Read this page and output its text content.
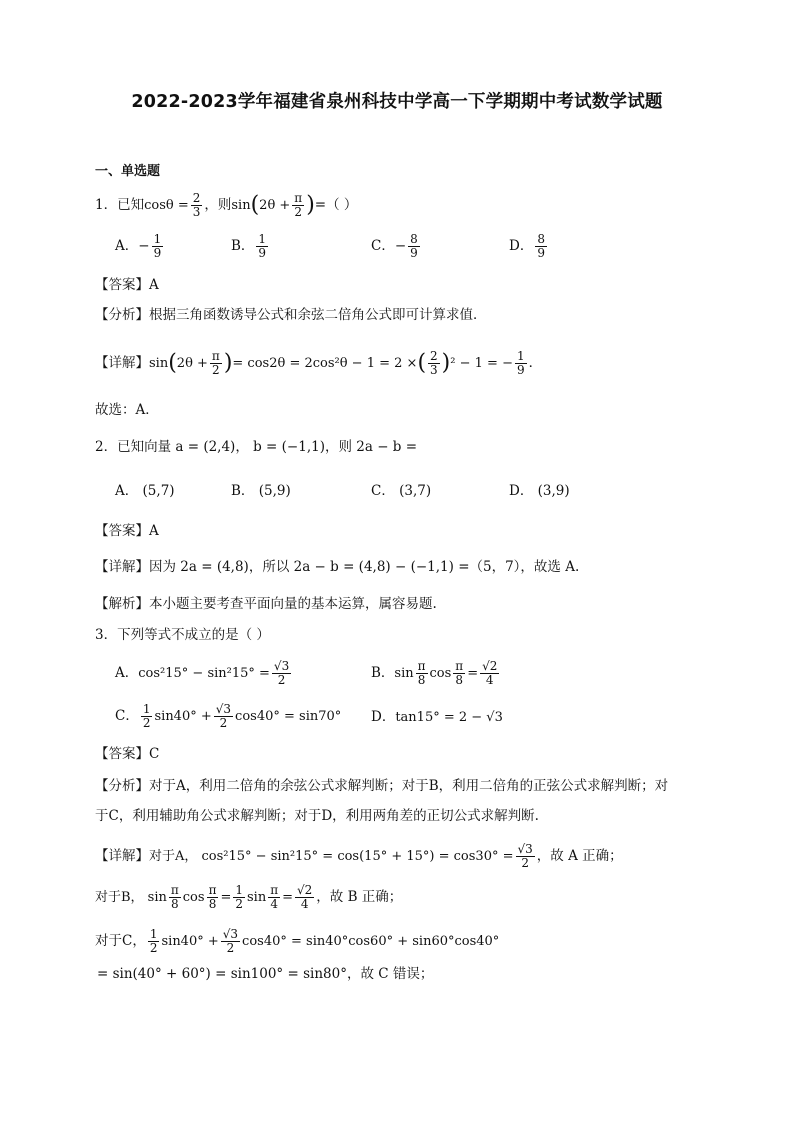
2022-2023学年福建省泉州科技中学高一下学期期中考试数学试题
一、单选题
1．已知$\cos\theta = \frac{2}{3}$ ，则$\sin(2\theta + \frac{\pi}{2}$ )=（ ）
A．− $\frac{1}{9}$	B． $\frac{1}{9}$	C．− $\frac{8}{9}$	D． $\frac{8}{9}$
【答案】A
【分析】根据三角函数诱导公式和余弦二倍角公式即可计算求值．
【详解】$\sin(2\theta + \frac{\pi}{2}$ )= cos2θ = 2cos²θ − 1 = 2 ×( $\frac{2}{3} )^2 - 1$ = − $\frac{1}{9}$ ．
故选：A．
2．已知向量 a = (2,4)， b = (−1,1)，则 2a − b =
A． (5,7)	B． (5,9)	C． (3,7)	D． (3,9)
【答案】A
【详解】因为 2a = (4,8)，所以 2a − b = (4,8) − (−1,1) =（5，7），故选 A.
【解析】本小题主要考查平面向量的基本运算，属容易题.
3．下列等式不成立的是（ ）
A．$\cos^215^\circ - \sin^215^\circ = \frac{√3}{2}$	B．$\sin \frac{\pi}{8}$ $\cos \frac{\pi}{8} = \frac{√2}{4}$
C． $\frac{1}{2} \sin 40^\circ + \frac{√3}{2} \cos 40^\circ = \sin 70^\circ$ D．tan15° = 2 − √3
【答案】C
【分析】对于A，利用二倍角的余弦公式求解判断；对于B，利用二倍角的正弦公式求解判断；对
于C，利用辅助角公式求解判断；对于D，利用两角差的正切公式求解判断.
【详解】对于A， $\cos^215^\circ - \sin^215^\circ = \cos(15^\circ + 15^\circ) = \cos 30^\circ = \frac{√3}{2}$ ，故 A 正确；
对于B， $\sin \frac{\pi}{8}$ $\cos \frac{\pi}{8} = \frac{1}{2}$ $\sin \frac{\pi}{4} = \frac{√2}{4}$ ，故 B 正确；
对于C， $\frac{1}{2} \sin 40^\circ + \frac{√3}{2} \cos 40^\circ = \sin 40^\circ\cos 60^\circ + \sin 60^\circ\cos 40^\circ$
= sin(40° + 60°) = sin100° = sin80°，故 C 错误；
